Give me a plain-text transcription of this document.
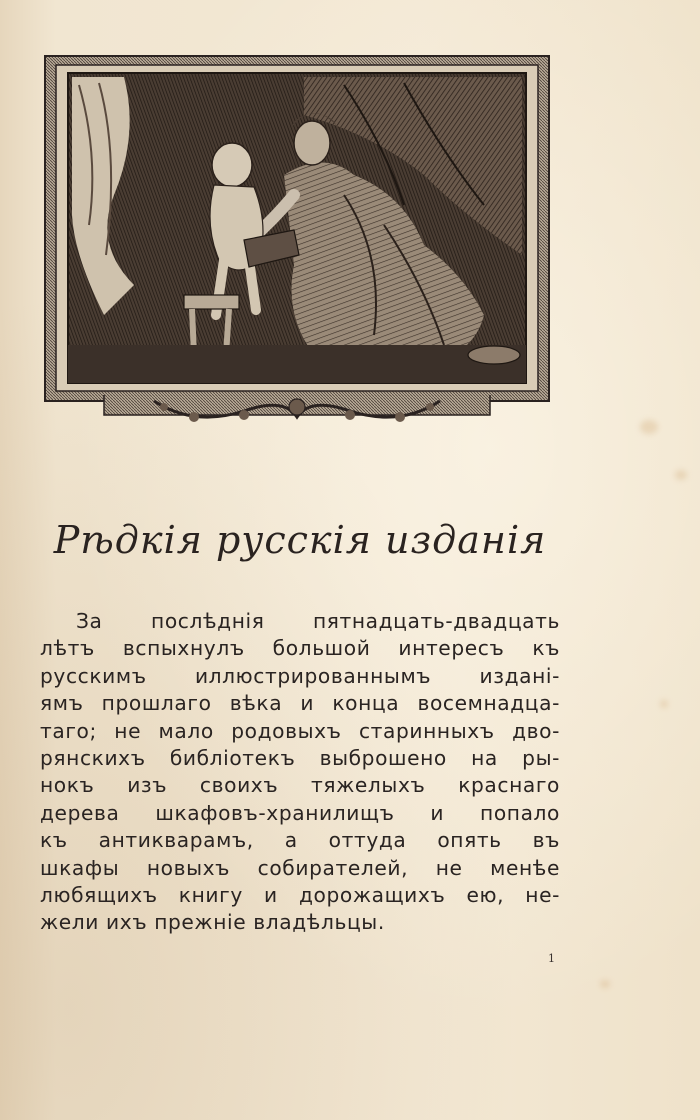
Рѣдкія русскія изданія
За послѣднія пятнадцать-двадцать
лѣтъ вспыхнулъ большой интересъ къ
русскимъ иллюстрированнымъ издані-
ямъ прошлаго вѣка и конца восемнадца-
таго; не мало родовыхъ старинныхъ дво-
рянскихъ библіотекъ выброшено на ры-
нокъ изъ своихъ тяжелыхъ краснаго
дерева шкафовъ-хранилищъ и попало
къ антикварамъ, а оттуда опять въ
шкафы новыхъ собирателей, не менѣе
любящихъ книгу и дорожащихъ ею, не-
жели ихъ прежніе владѣльцы.
1
